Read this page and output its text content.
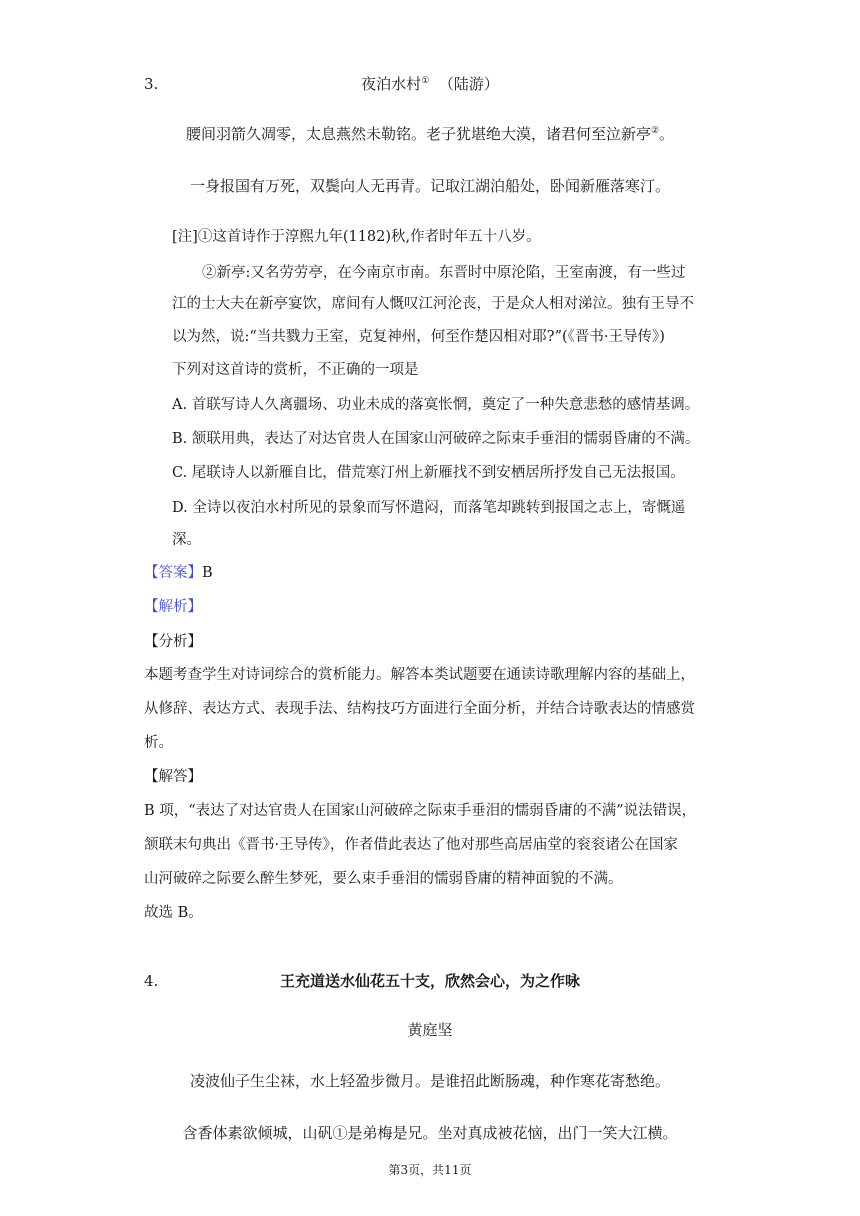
3.	夜泊水村① （陆游）
腰间羽箭久凋零，太息燕然未勒铭。老子犹堪绝大漠，诸君何至泣新亭②。
一身报国有万死，双鬓向人无再青。记取江湖泊船处，卧闻新雁落寒汀。
[注]①这首诗作于淳熙九年(1182)秋,作者时年五十八岁。
②新亭:又名劳劳亭，在今南京市南。东晋时中原沦陷，王室南渡，有一些过
江的士大夫在新亭宴饮，席间有人慨叹江河沦丧，于是众人相对涕泣。独有王导不
以为然，说:“当共戮力王室，克复神州，何至作楚囚相对耶?”(《晋书·王导传》)
下列对这首诗的赏析，不正确的一项是
A. 首联写诗人久离疆场、功业未成的落寞怅惘，奠定了一种失意悲愁的感情基调。
B. 颔联用典，表达了对达官贵人在国家山河破碎之际束手垂泪的懦弱昏庸的不满。
C. 尾联诗人以新雁自比，借荒寒汀州上新雁找不到安栖居所抒发自己无法报国。
D. 全诗以夜泊水村所见的景象而写怀遣闷，而落笔却跳转到报国之志上，寄慨遥
深。
【答案】B
【解析】
【分析】
本题考查学生对诗词综合的赏析能力。解答本类试题要在通读诗歌理解内容的基础上，
从修辞、表达方式、表现手法、结构技巧方面进行全面分析，并结合诗歌表达的情感赏
析。
【解答】
B 项，“表达了对达官贵人在国家山河破碎之际束手垂泪的懦弱昏庸的不满”说法错误，
颔联末句典出《晋书·王导传》，作者借此表达了他对那些高居庙堂的衮衮诸公在国家
山河破碎之际要么醉生梦死，要么束手垂泪的懦弱昏庸的精神面貌的不满。
故选 B。
4.	王充道送水仙花五十支，欣然会心，为之作咏
黄庭坚
凌波仙子生尘袜，水上轻盈步微月。是谁招此断肠魂，种作寒花寄愁绝。
含香体素欲倾城，山矾①是弟梅是兄。坐对真成被花恼，出门一笑大江横。
第3页，共11页
